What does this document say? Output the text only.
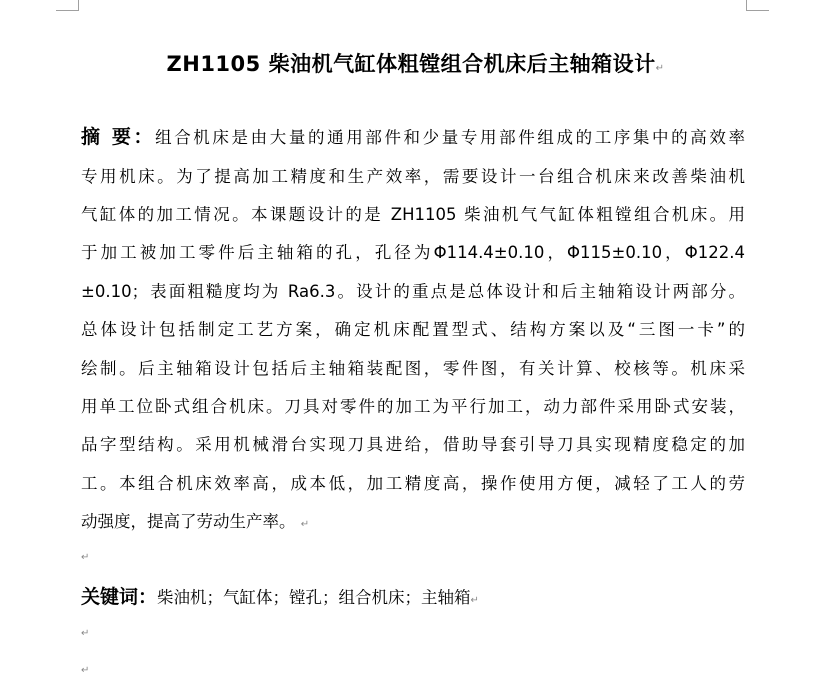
ZH1105 柴油机气缸体粗镗组合机床后主轴箱设计↵
摘 要：组合机床是由大量的通用部件和少量专用部件组成的工序集中的高效率
专用机床。为了提高加工精度和生产效率，需要设计一台组合机床来改善柴油机
气缸体的加工情况。本课题设计的是 ZH1105 柴油机气气缸体粗镗组合机床。用
于加工被加工零件后主轴箱的孔，孔径为Φ114.4±0.10，Φ115±0.10，Φ122.4
±0.10；表面粗糙度均为 Ra6.3。设计的重点是总体设计和后主轴箱设计两部分。
总体设计包括制定工艺方案，确定机床配置型式、结构方案以及“三图一卡”的
绘制。后主轴箱设计包括后主轴箱装配图，零件图，有关计算、校核等。机床采
用单工位卧式组合机床。刀具对零件的加工为平行加工，动力部件采用卧式安装，
品字型结构。采用机械滑台实现刀具进给，借助导套引导刀具实现精度稳定的加
工。本组合机床效率高，成本低，加工精度高，操作使用方便，减轻了工人的劳
动强度，提高了劳动生产率。 ↵
↵
关键词：柴油机；气缸体；镗孔；组合机床；主轴箱↵
↵
↵
